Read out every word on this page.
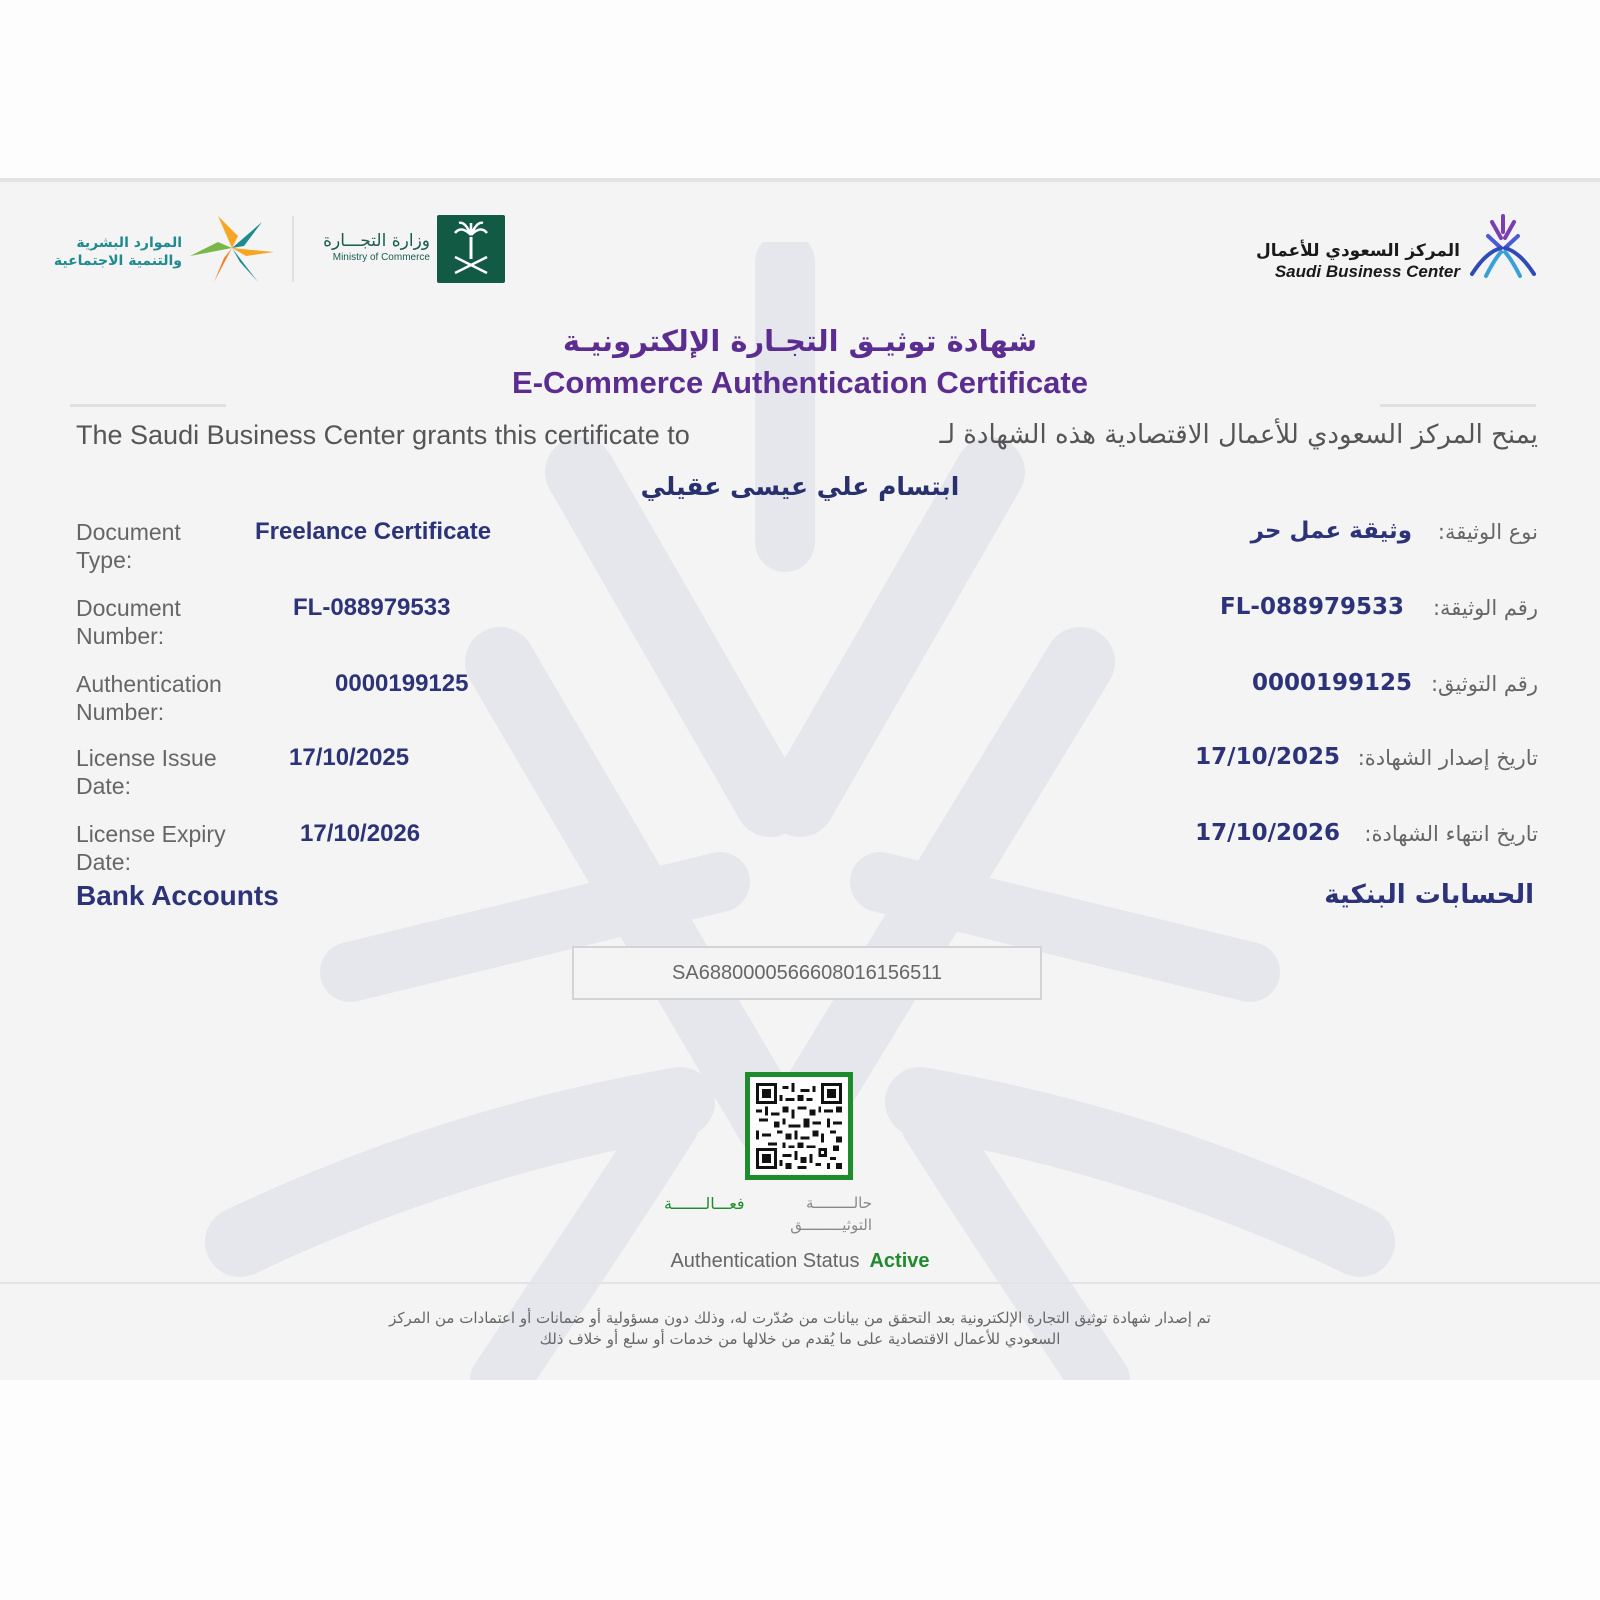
الموارد البشرية
والتنمية الاجتماعية
وزارة التجـــارة
Ministry of Commerce	المركز السعودي للأعمال
Saudi Business Center
شهادة توثيـق التجـارة الإلكترونيـة
E-Commerce Authentication Certificate
The Saudi Business Center grants this certificate to	يمنح المركز السعودي للأعمال الاقتصادية هذه الشهادة لـ
ابتسام علي عيسى عقيلي
Document Type:
Freelance Certificate	نوع الوثيقة:
وثيقة عمل حر
Document Number:
FL-088979533	رقم الوثيقة:
FL-088979533
Authentication Number:
0000199125	رقم التوثيق:
0000199125
License Issue Date:
17/10/2025	تاريخ إصدار الشهادة:
17/10/2025
License Expiry Date:
17/10/2026	تاريخ انتهاء الشهادة:
17/10/2026
Bank Accounts	الحسابات البنكية
SA6880000566608016156511
فعـــالـــــــة	حالـــــــــة
التوثيـــــــــق
Authentication Status Active
تم إصدار شهادة توثيق التجارة الإلكترونية بعد التحقق من بيانات من صُدّرت له، وذلك دون مسؤولية أو ضمانات أو اعتمادات من المركز
السعودي للأعمال الاقتصادية على ما يُقدم من خلالها من خدمات أو سلع أو خلاف ذلك
